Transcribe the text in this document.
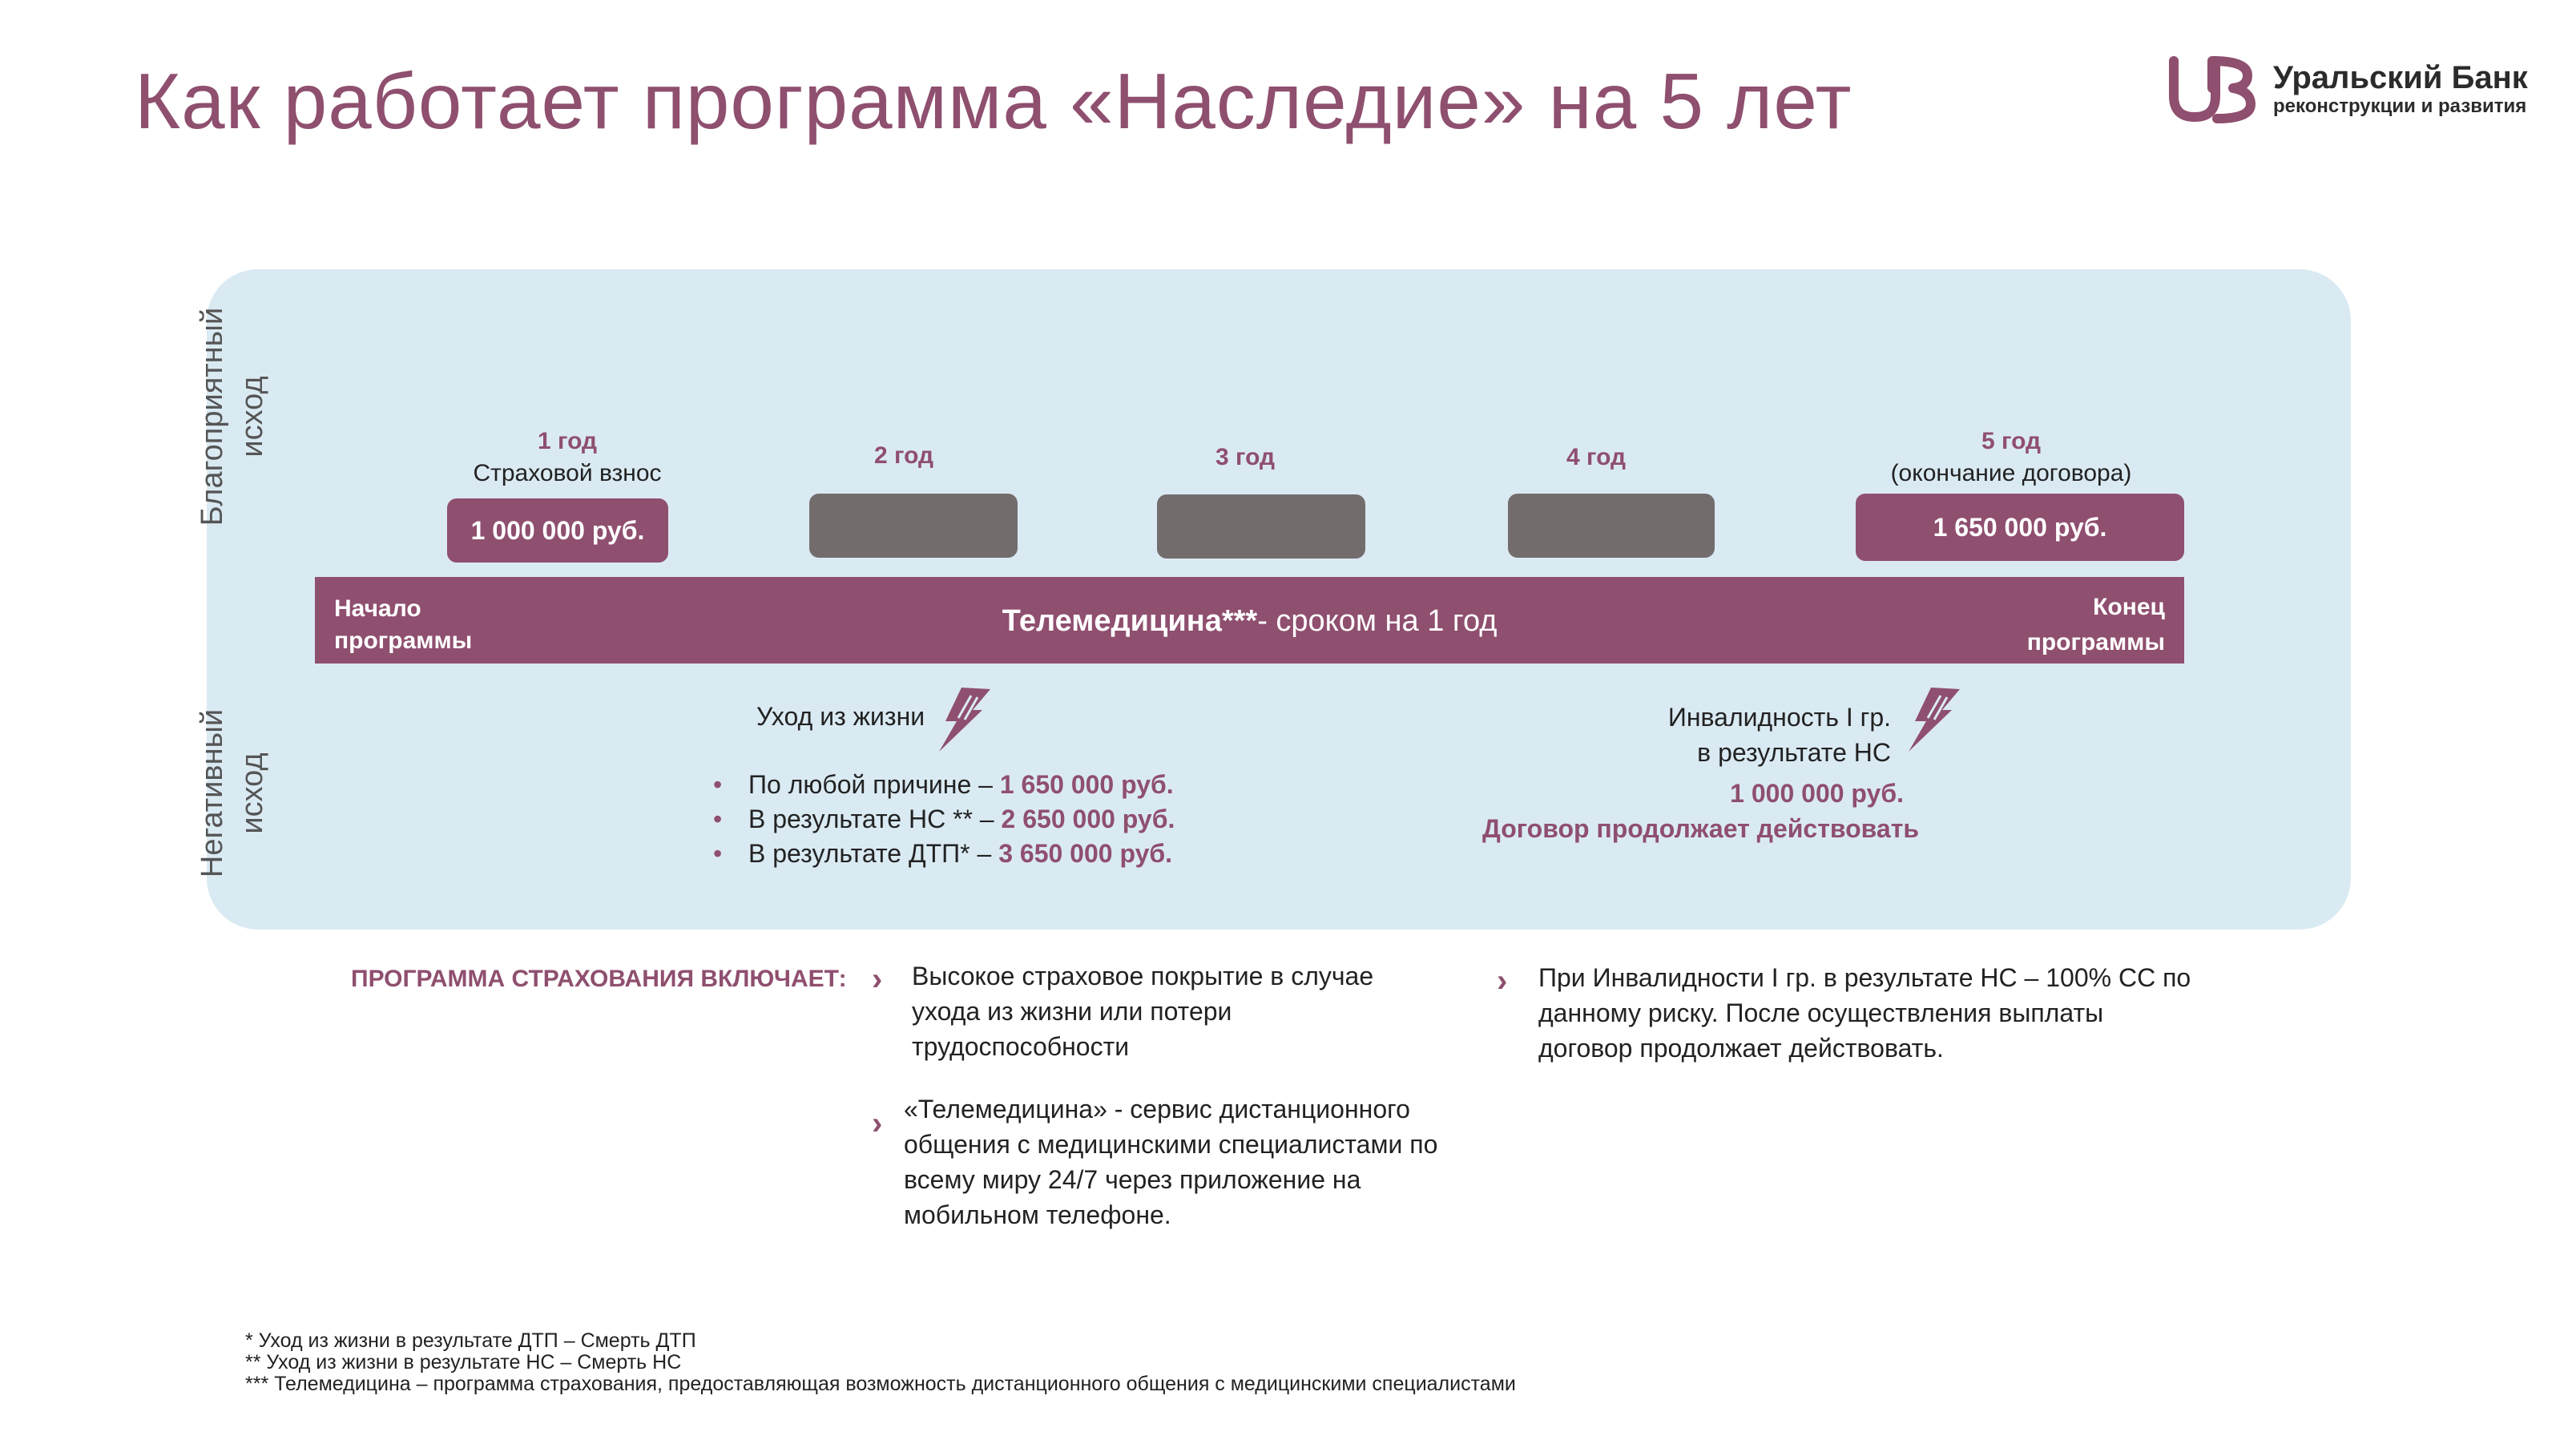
Как работает программа «Наследие» на 5 лет	Уральский Банк
реконструкции и развития
Благоприятный исход
Негативный исход
1 год
Страховой взнос
1 000 000 руб.
2 год	3 год	4 год
5 год
(окончание договора)
1 650 000 руб.
Начало
программы
Телемедицина***- сроком на 1 год	Конец
программы
Уход из жизни
• По любой причине – 1 650 000 руб.
• В результате НС ** – 2 650 000 руб.
• В результате ДТП* – 3 650 000 руб.
Инвалидность I гр.
в результате НС
1 000 000 руб.
Договор продолжает действовать
ПРОГРАММА СТРАХОВАНИЯ ВКЛЮЧАЕТ: › Высокое страховое покрытие в случае ухода из жизни или потери трудоспособности
› «Телемедицина» - сервис дистанционного общения с медицинскими специалистами по всему миру 24/7 через приложение на мобильном телефоне.
› При Инвалидности I гр. в результате НС – 100% СС по данному риску. После осуществления выплаты договор продолжает действовать.
* Уход из жизни в результате ДТП – Смерть ДТП
** Уход из жизни в результате НС – Смерть НС
*** Телемедицина – программа страхования, предоставляющая возможность дистанционного общения с медицинскими специалистами
